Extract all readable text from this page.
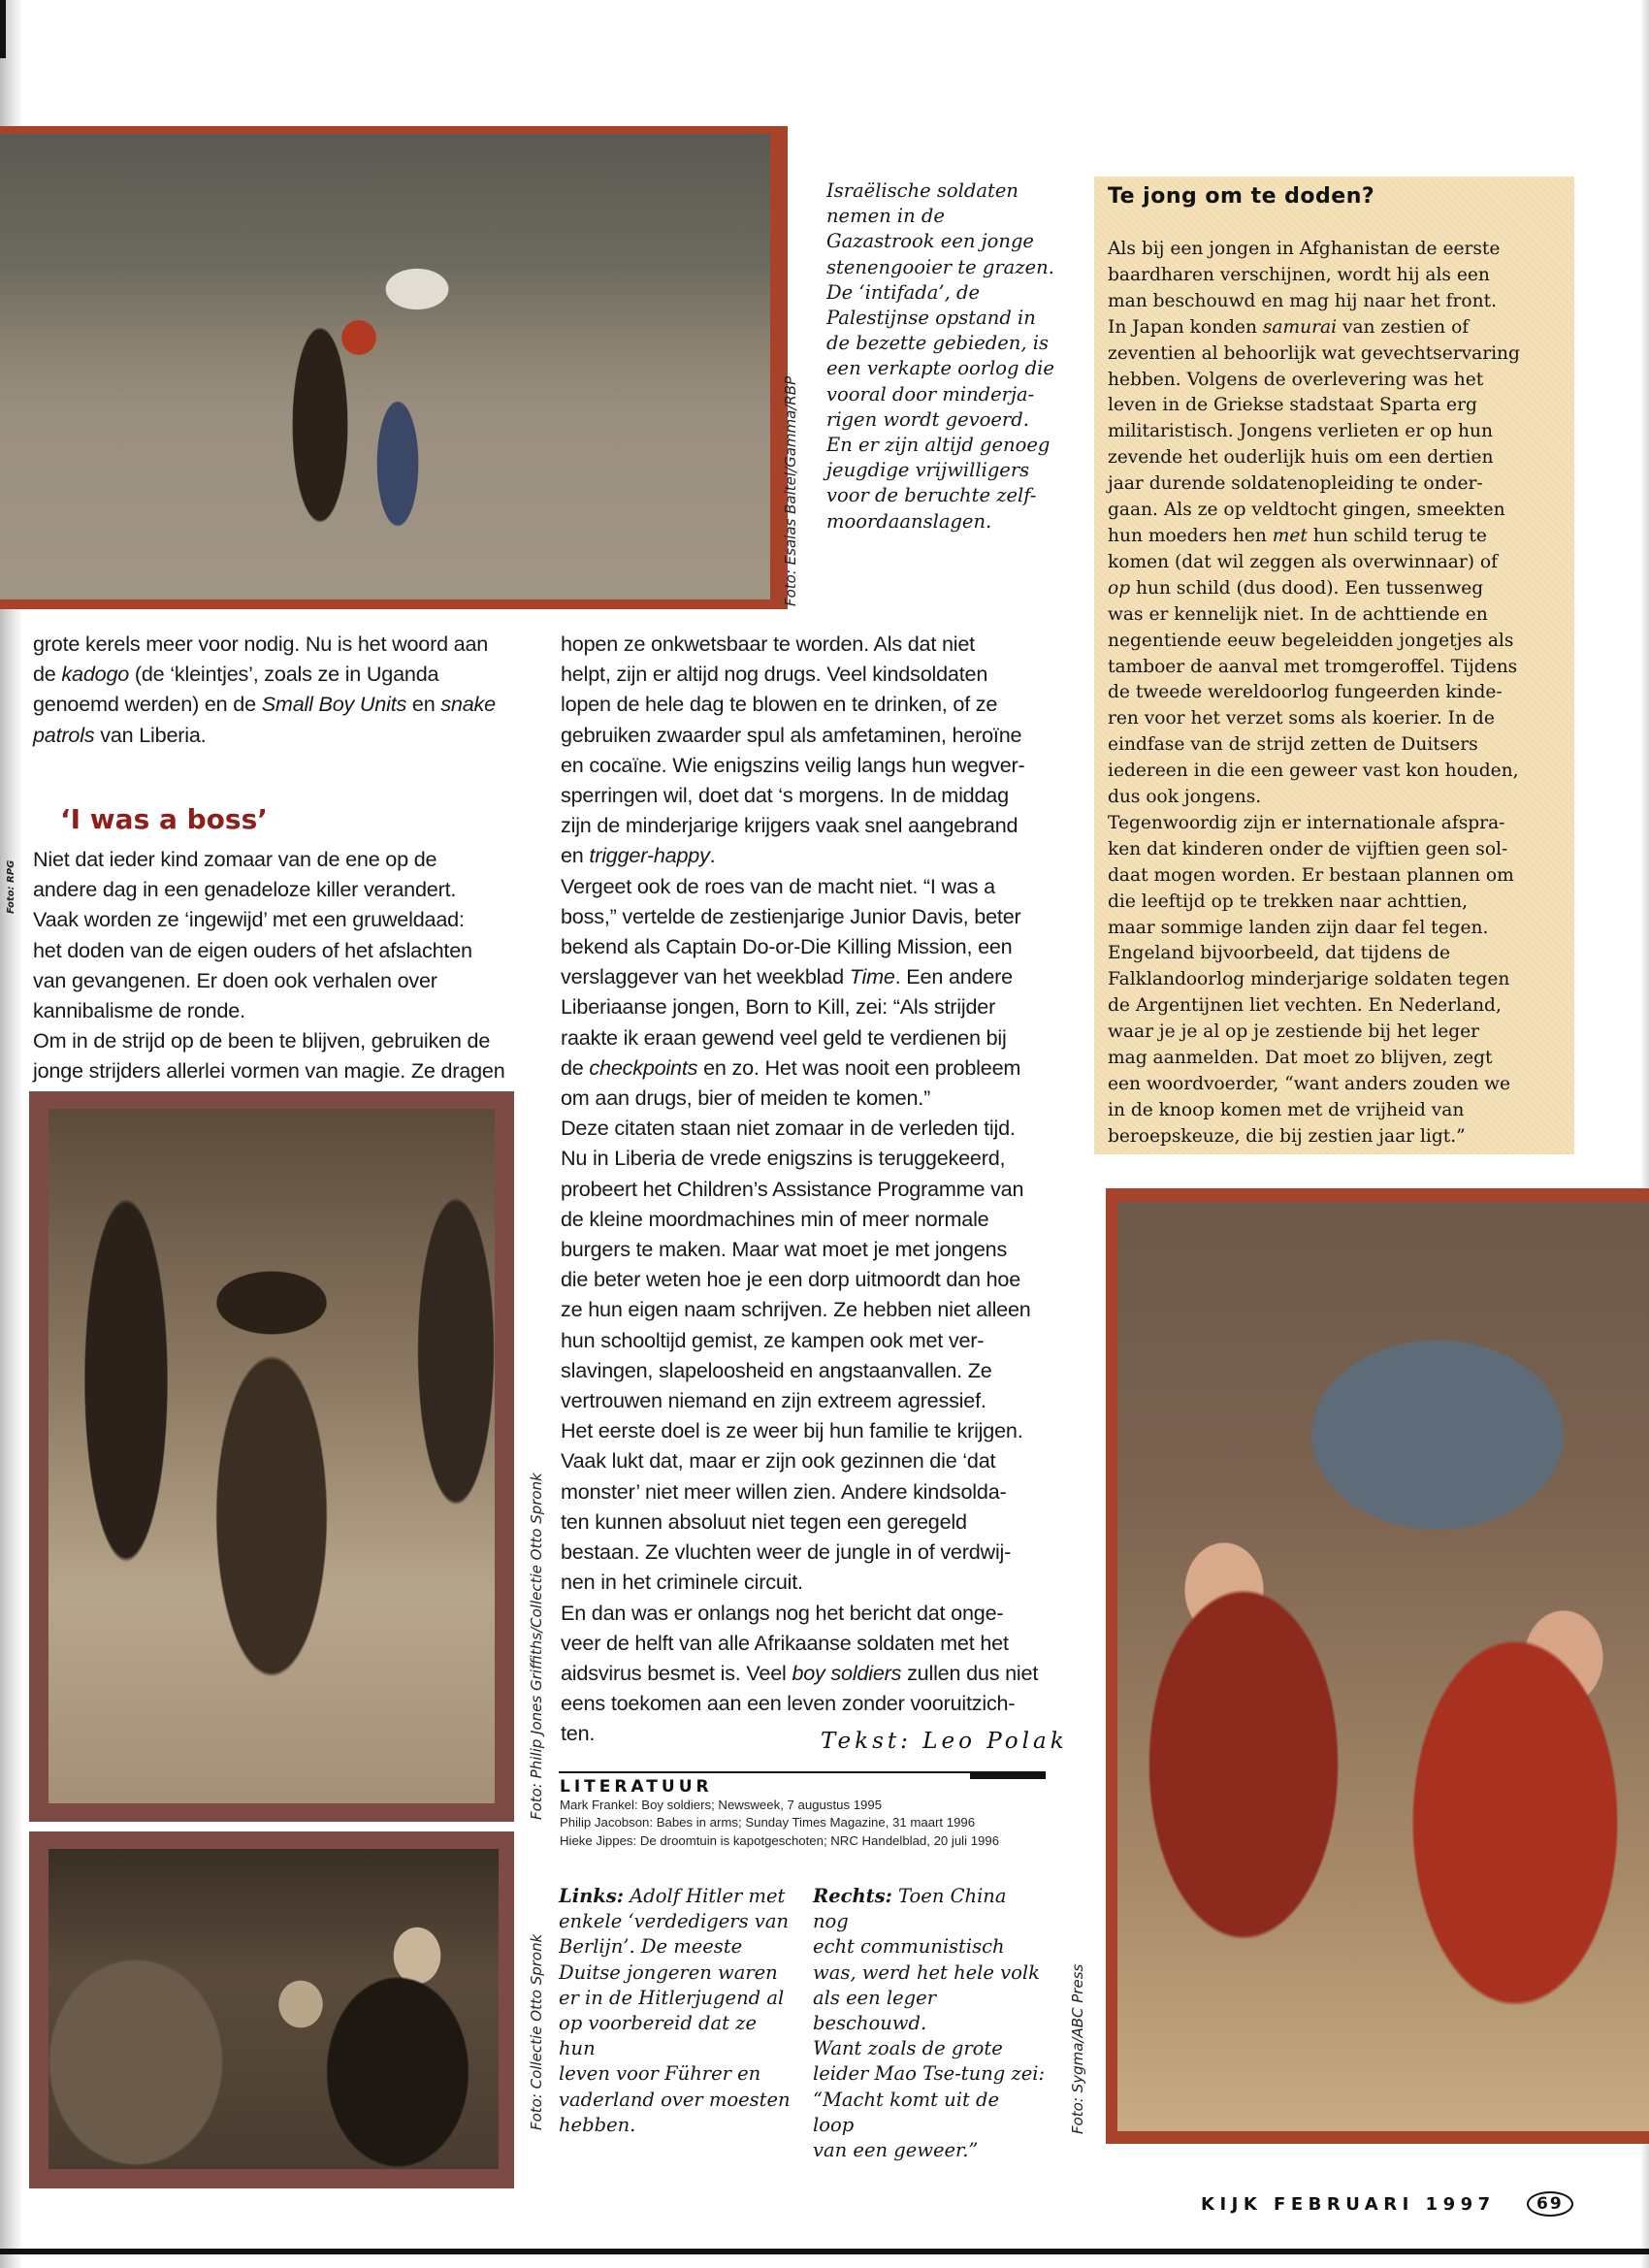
Foto: Esaias Baitel/Gamma/RBP
Israëlische soldaten
nemen in de
Gazastrook een jonge
stenengooier te grazen.
De ‘intifada’, de
Palestijnse opstand in
de bezette gebieden, is
een verkapte oorlog die
vooral door minderja-
rigen wordt gevoerd.
En er zijn altijd genoeg
jeugdige vrijwilligers
voor de beruchte zelf-
moordaanslagen.
Te jong om te doden?
Als bij een jongen in Afghanistan de eerste
baardharen verschijnen, wordt hij als een
man beschouwd en mag hij naar het front.
In Japan konden samurai van zestien of
zeventien al behoorlijk wat gevechtservaring
hebben. Volgens de overlevering was het
leven in de Griekse stadstaat Sparta erg
militaristisch. Jongens verlieten er op hun
zevende het ouderlijk huis om een dertien
jaar durende soldatenopleiding te onder-
gaan. Als ze op veldtocht gingen, smeekten
hun moeders hen met hun schild terug te
komen (dat wil zeggen als overwinnaar) of
op hun schild (dus dood). Een tussenweg
was er kennelijk niet. In de achttiende en
negentiende eeuw begeleidden jongetjes als
tamboer de aanval met tromgeroffel. Tijdens
de tweede wereldoorlog fungeerden kinde-
ren voor het verzet soms als koerier. In de
eindfase van de strijd zetten de Duitsers
iedereen in die een geweer vast kon houden,
dus ook jongens.
Tegenwoordig zijn er internationale afspra-
ken dat kinderen onder de vijftien geen sol-
daat mogen worden. Er bestaan plannen om
die leeftijd op te trekken naar achttien,
maar sommige landen zijn daar fel tegen.
Engeland bijvoorbeeld, dat tijdens de
Falklandoorlog minderjarige soldaten tegen
de Argentijnen liet vechten. En Nederland,
waar je je al op je zestiende bij het leger
mag aanmelden. Dat moet zo blijven, zegt
een woordvoerder, “want anders zouden we
in de knoop komen met de vrijheid van
beroepskeuze, die bij zestien jaar ligt.”
grote kerels meer voor nodig. Nu is het woord aan
de kadogo (de ‘kleintjes’, zoals ze in Uganda
genoemd werden) en de Small Boy Units en snake
patrols van Liberia.
‘I was a boss’
Niet dat ieder kind zomaar van de ene op de
andere dag in een genadeloze killer verandert.
Vaak worden ze ‘ingewijd’ met een gruweldaad:
het doden van de eigen ouders of het afslachten
van gevangenen. Er doen ook verhalen over
kannibalisme de ronde.
Om in de strijd op de been te blijven, gebruiken de
jonge strijders allerlei vormen van magie. Ze dragen
Foto: RPG
hopen ze onkwetsbaar te worden. Als dat niet
helpt, zijn er altijd nog drugs. Veel kindsoldaten
lopen de hele dag te blowen en te drinken, of ze
gebruiken zwaarder spul als amfetaminen, heroïne
en cocaïne. Wie enigszins veilig langs hun wegver-
sperringen wil, doet dat ‘s morgens. In de middag
zijn de minderjarige krijgers vaak snel aangebrand
en trigger-happy.
Vergeet ook de roes van de macht niet. “I was a
boss,” vertelde de zestienjarige Junior Davis, beter
bekend als Captain Do-or-Die Killing Mission, een
verslaggever van het weekblad Time. Een andere
Liberiaanse jongen, Born to Kill, zei: “Als strijder
raakte ik eraan gewend veel geld te verdienen bij
de checkpoints en zo. Het was nooit een probleem
om aan drugs, bier of meiden te komen.”
Deze citaten staan niet zomaar in de verleden tijd.
Nu in Liberia de vrede enigszins is teruggekeerd,
probeert het Children’s Assistance Programme van
de kleine moordmachines min of meer normale
burgers te maken. Maar wat moet je met jongens
die beter weten hoe je een dorp uitmoordt dan hoe
ze hun eigen naam schrijven. Ze hebben niet alleen
hun schooltijd gemist, ze kampen ook met ver-
slavingen, slapeloosheid en angstaanvallen. Ze
vertrouwen niemand en zijn extreem agressief.
Het eerste doel is ze weer bij hun familie te krijgen.
Vaak lukt dat, maar er zijn ook gezinnen die ‘dat
monster’ niet meer willen zien. Andere kindsolda-
ten kunnen absoluut niet tegen een geregeld
bestaan. Ze vluchten weer de jungle in of verdwij-
nen in het criminele circuit.
En dan was er onlangs nog het bericht dat onge-
veer de helft van alle Afrikaanse soldaten met het
aidsvirus besmet is. Veel boy soldiers zullen dus niet
eens toekomen aan een leven zonder vooruitzich-
ten.	Tekst: Leo Polak
LITERATUUR
Mark Frankel: Boy soldiers; Newsweek, 7 augustus 1995
Philip Jacobson: Babes in arms; Sunday Times Magazine, 31 maart 1996
Hieke Jippes: De droomtuin is kapotgeschoten; NRC Handelblad, 20 juli 1996
Links: Adolf Hitler met
enkele ‘verdedigers van
Berlijn’. De meeste
Duitse jongeren waren
er in de Hitlerjugend al
op voorbereid dat ze hun
leven voor Führer en
vaderland over moesten
hebben.
Rechts: Toen China nog
echt communistisch
was, werd het hele volk
als een leger beschouwd.
Want zoals de grote
leider Mao Tse-tung zei:
“Macht komt uit de loop
van een geweer.”
Foto: Philip Jones Griffiths/Collectie Otto Spronk
Foto: Collectie Otto Spronk	Foto: Sygma/ABC Press
KIJK FEBRUARI 1997	69
